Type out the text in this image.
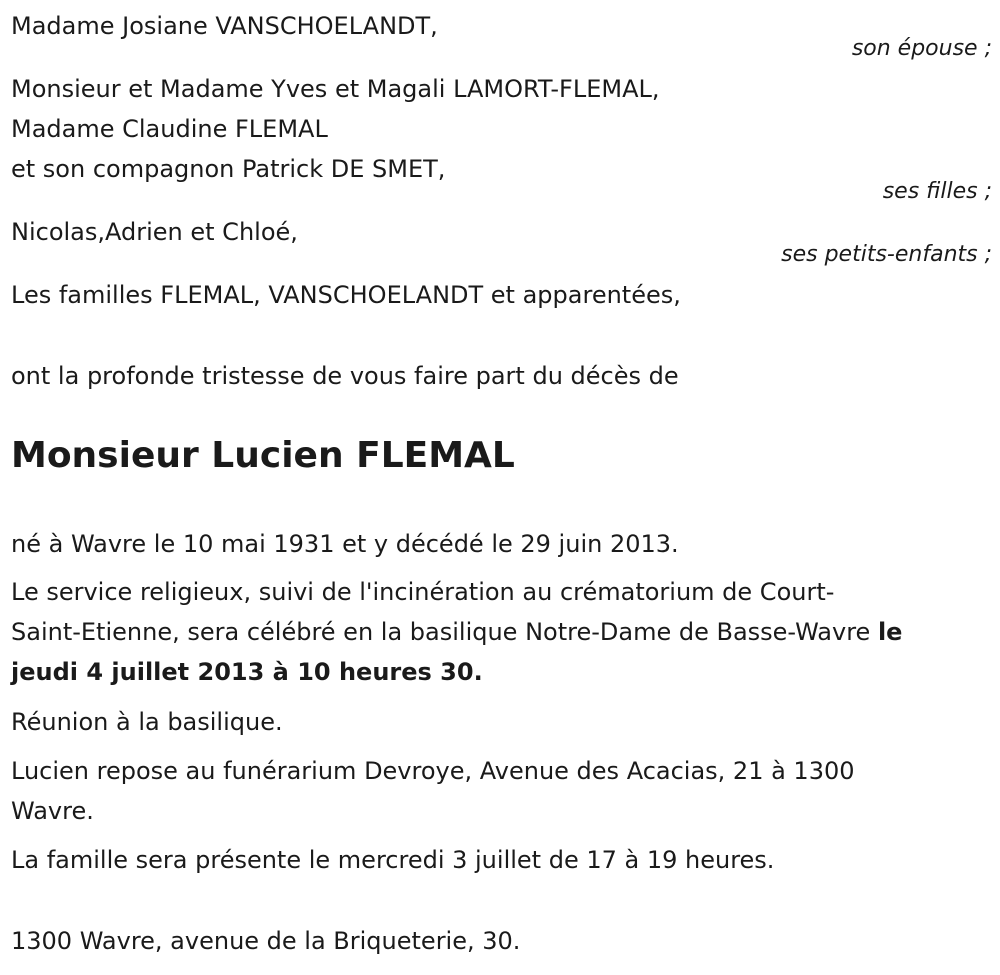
Madame Josiane VANSCHOELANDT,
son épouse ;
Monsieur et Madame Yves et Magali LAMORT-FLEMAL,
Madame Claudine FLEMAL
et son compagnon Patrick DE SMET,
ses filles ;
Nicolas,Adrien et Chloé,
ses petits-enfants ;
Les familles FLEMAL, VANSCHOELANDT et apparentées,
ont la profonde tristesse de vous faire part du décès de
Monsieur Lucien FLEMAL
né à Wavre le 10 mai 1931 et y décédé le 29 juin 2013.
Le service religieux, suivi de l'incinération au crématorium de Court-
Saint-Etienne, sera célébré en la basilique Notre-Dame de Basse-Wavre le
jeudi 4 juillet 2013 à 10 heures 30.
Réunion à la basilique.
Lucien repose au funérarium Devroye, Avenue des Acacias, 21 à 1300
Wavre.
La famille sera présente le mercredi 3 juillet de 17 à 19 heures.
1300 Wavre, avenue de la Briqueterie, 30.
